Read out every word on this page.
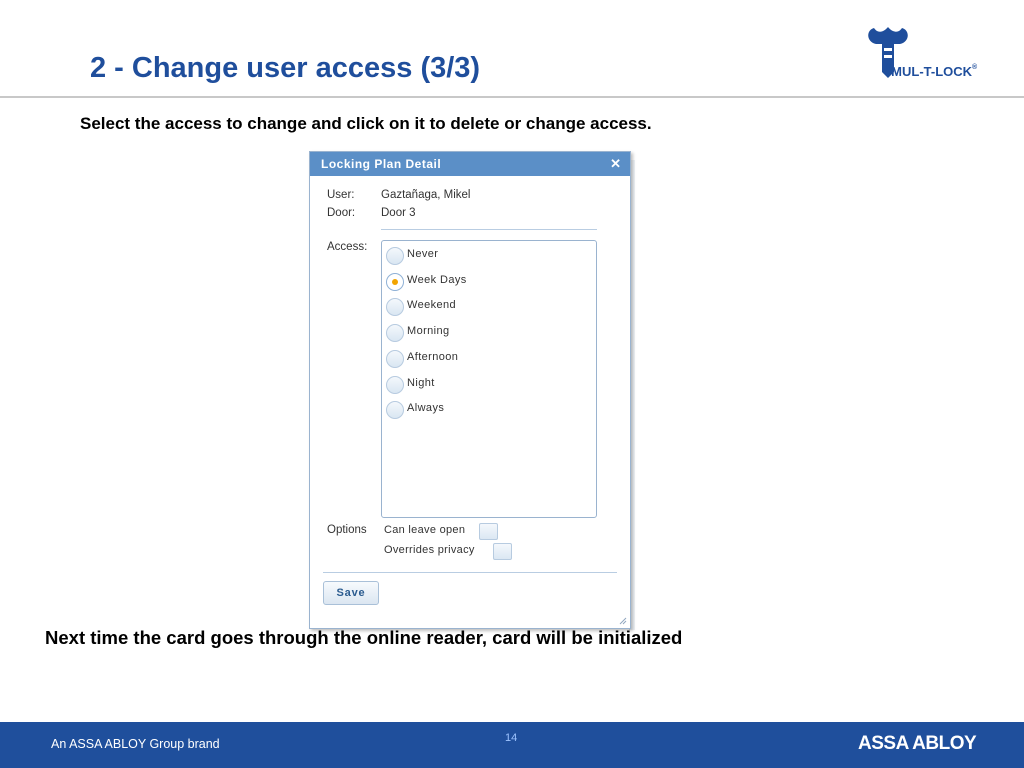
2 - Change user access (3/3)	®MUL-T-LOCK®
Select the access to change and click on it to delete or change access.
Locking Plan Detail	✕
User: Gaztañaga, Mikel
Door: Door 3
Access:
Never
Week Days
Weekend
Morning
Afternoon
Night
Always
Options Can leave open
Overrides privacy
Save
Next time the card goes through the online reader, card will be initialized
An ASSA ABLOY Group brand	14	ASSA ABLOY
